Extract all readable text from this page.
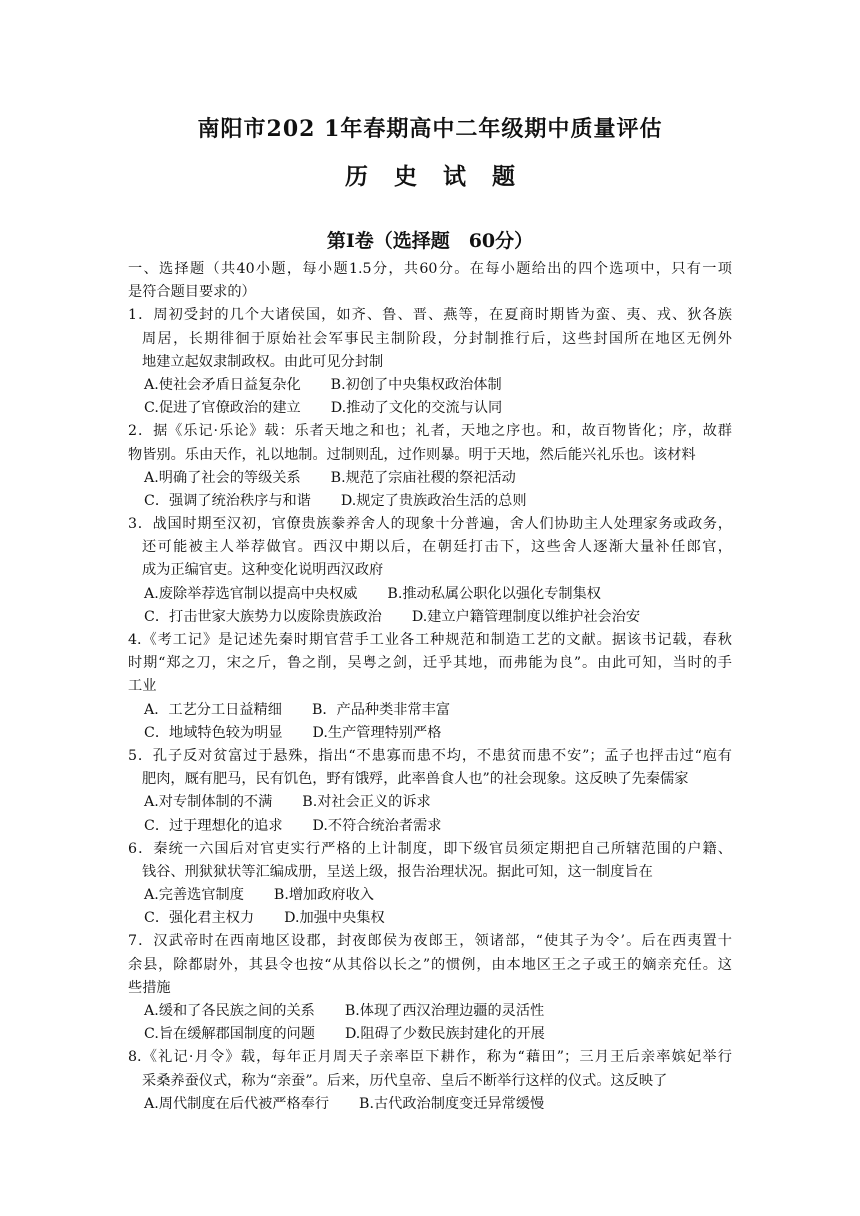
南阳市202 1年春期高中二年级期中质量评估
历 史 试 题
第Ⅰ卷（选择题　60分）
一、选择题（共40小题，每小题1.5分，共60分。在每小题给出的四个选项中，只有一项
是符合题目要求的）
1．周初受封的几个大诸侯国，如齐、鲁、晋、燕等，在夏商时期皆为蛮、夷、戎、狄各族
周居，长期徘徊于原始社会军事民主制阶段，分封制推行后，这些封国所在地区无例外
地建立起奴隶制政权。由此可见分封制
A.使社会矛盾日益复杂化 B.初创了中央集权政治体制
C.促进了官僚政治的建立 D.推动了文化的交流与认同
2．据《乐记·乐论》载：乐者天地之和也；礼者，天地之序也。和，故百物皆化；序，故群
物皆别。乐由天作，礼以地制。过制则乱，过作则暴。明于天地，然后能兴礼乐也。该材料
A.明确了社会的等级关系 B.规范了宗庙社稷的祭祀活动
C．强调了统治秩序与和谐 D.规定了贵族政治生活的总则
3．战国时期至汉初，官僚贵族豢养舍人的现象十分普遍，舍人们协助主人处理家务或政务，
还可能被主人举荐做官。西汉中期以后，在朝廷打击下，这些舍人逐渐大量补任郎官，
成为正编官吏。这种变化说明西汉政府
A.废除举荐选官制以提高中央权威 B.推动私属公职化以强化专制集权
C．打击世家大族势力以废除贵族政治 D.建立户籍管理制度以维护社会治安
4.《考工记》是记述先秦时期官营手工业各工种规范和制造工艺的文献。据该书记载，春秋
时期“郑之刀，宋之斤，鲁之削，吴粤之剑，迁乎其地，而弗能为良”。由此可知，当时的手
工业
A．工艺分工日益精细 B．产品种类非常丰富
C．地域特色较为明显 D.生产管理特别严格
5．孔子反对贫富过于悬殊，指出“不患寡而患不均，不患贫而患不安”；孟子也抨击过“庖有
肥肉，厩有肥马，民有饥色，野有饿殍，此率兽食人也”的社会现象。这反映了先秦儒家
A.对专制体制的不满 B.对社会正义的诉求
C．过于理想化的追求 D.不符合统治者需求
6．秦统一六国后对官吏实行严格的上计制度，即下级官员须定期把自己所辖范围的户籍、
钱谷、刑狱狱状等汇编成册，呈送上级，报告治理状况。据此可知，这一制度旨在
A.完善选官制度 B.增加政府收入
C．强化君主权力 D.加强中央集权
7．汉武帝时在西南地区设郡，封夜郎侯为夜郎王，领诸部，“使其子为令’。后在西夷置十
余县，除都尉外，其县令也按“从其俗以长之”的惯例，由本地区王之子或王的嫡亲充任。这
些措施
A.缓和了各民族之间的关系 B.体现了西汉治理边疆的灵活性
C.旨在缓解郡国制度的问题 D.阻碍了少数民族封建化的开展
8.《礼记·月令》载，每年正月周天子亲率臣下耕作，称为“藉田”；三月王后亲率嫔妃举行
采桑养蚕仪式，称为“亲蚕”。后来，历代皇帝、皇后不断举行这样的仪式。这反映了
A.周代制度在后代被严格奉行 B.古代政治制度变迁异常缓慢
